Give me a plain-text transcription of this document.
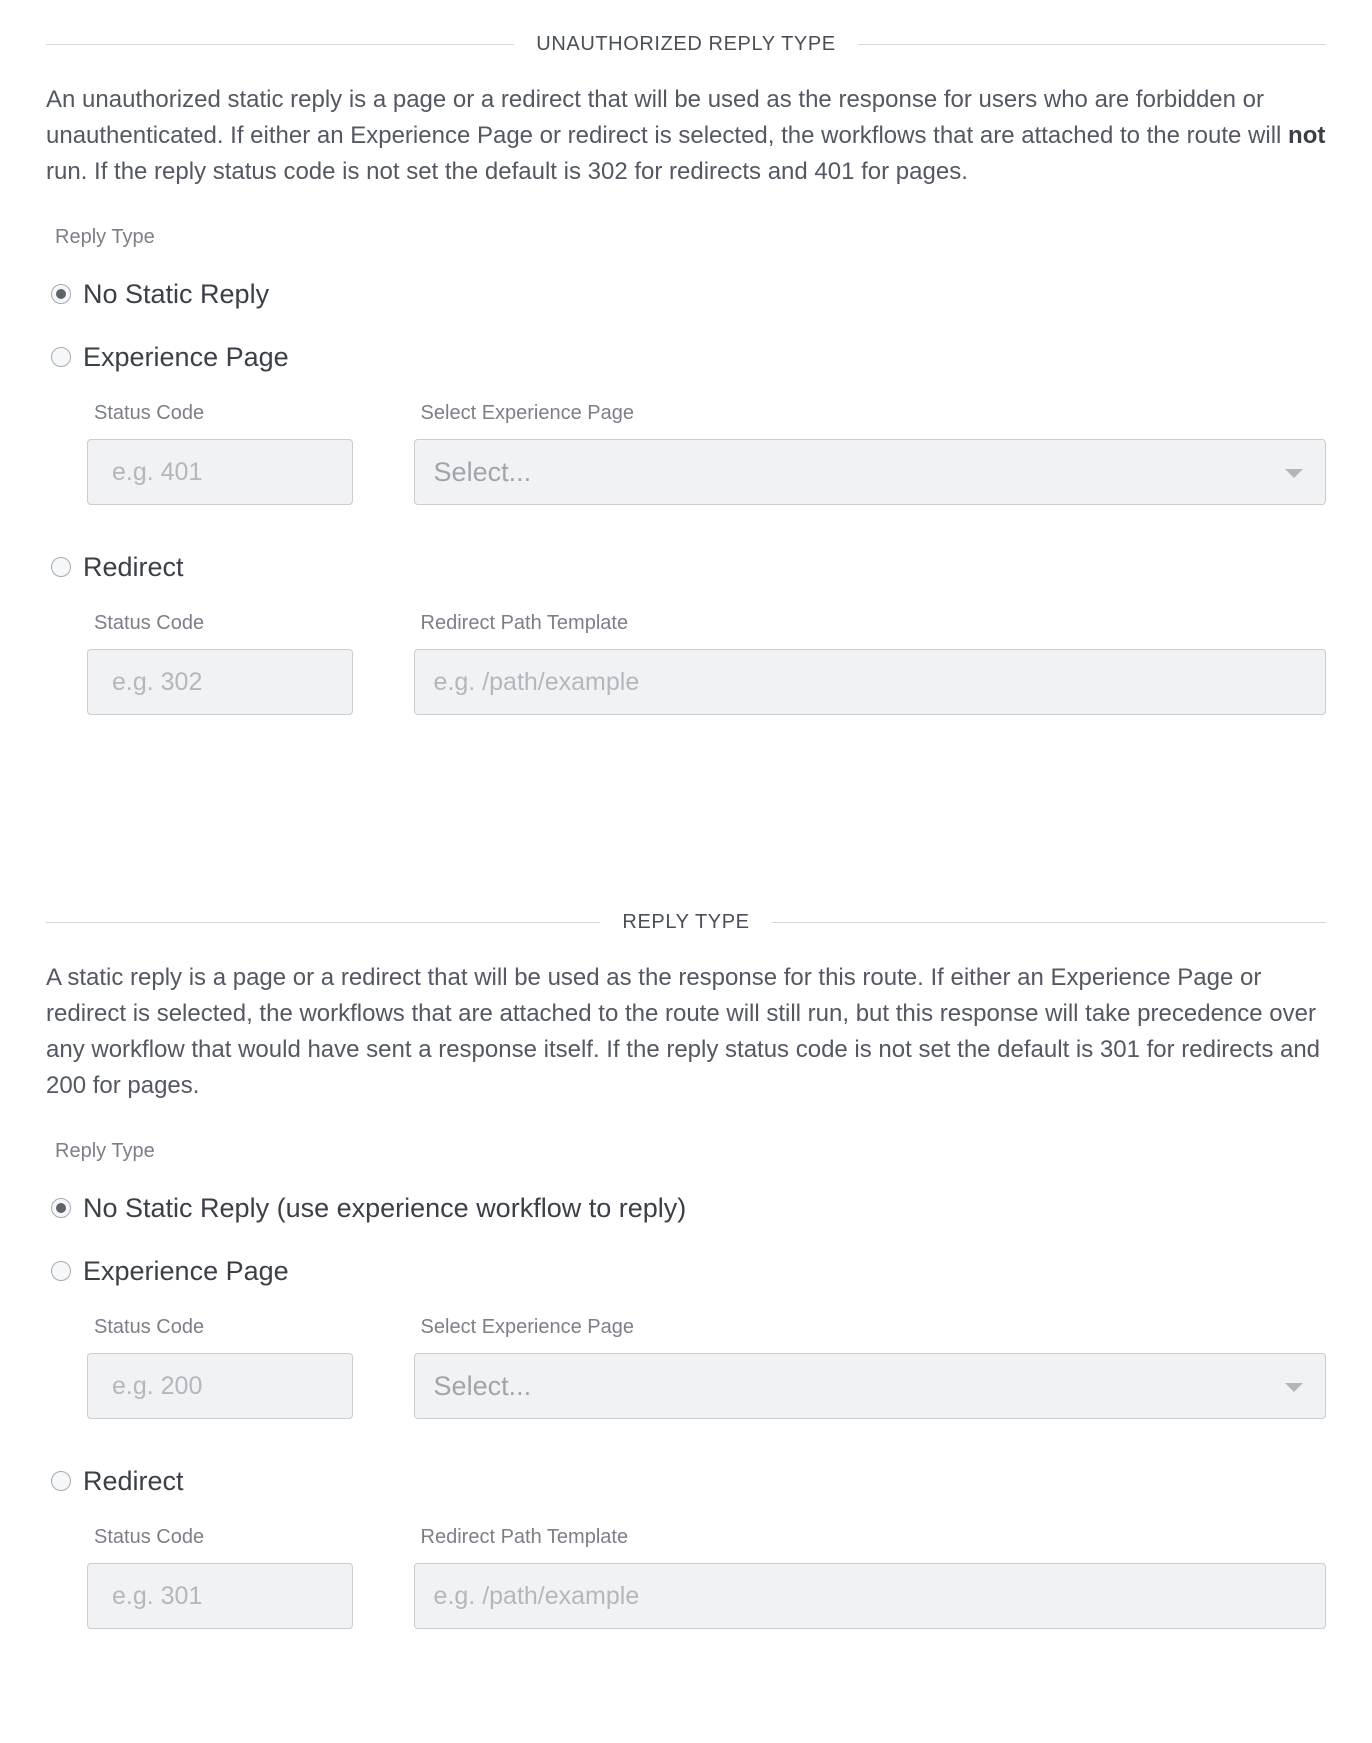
UNAUTHORIZED REPLY TYPE
An unauthorized static reply is a page or a redirect that will be used as the response for users who are forbidden or unauthenticated. If either an Experience Page or redirect is selected, the workflows that are attached to the route will not run. If the reply status code is not set the default is 302 for redirects and 401 for pages.
Reply Type
No Static Reply
Experience Page
Status Code
e.g. 401
Select Experience Page
Select...
Redirect
Status Code
e.g. 302
Redirect Path Template
e.g. /path/example
REPLY TYPE
A static reply is a page or a redirect that will be used as the response for this route. If either an Experience Page or redirect is selected, the workflows that are attached to the route will still run, but this response will take precedence over any workflow that would have sent a response itself. If the reply status code is not set the default is 301 for redirects and 200 for pages.
Reply Type
No Static Reply (use experience workflow to reply)
Experience Page
Status Code
e.g. 200
Select Experience Page
Select...
Redirect
Status Code
e.g. 301
Redirect Path Template
e.g. /path/example
